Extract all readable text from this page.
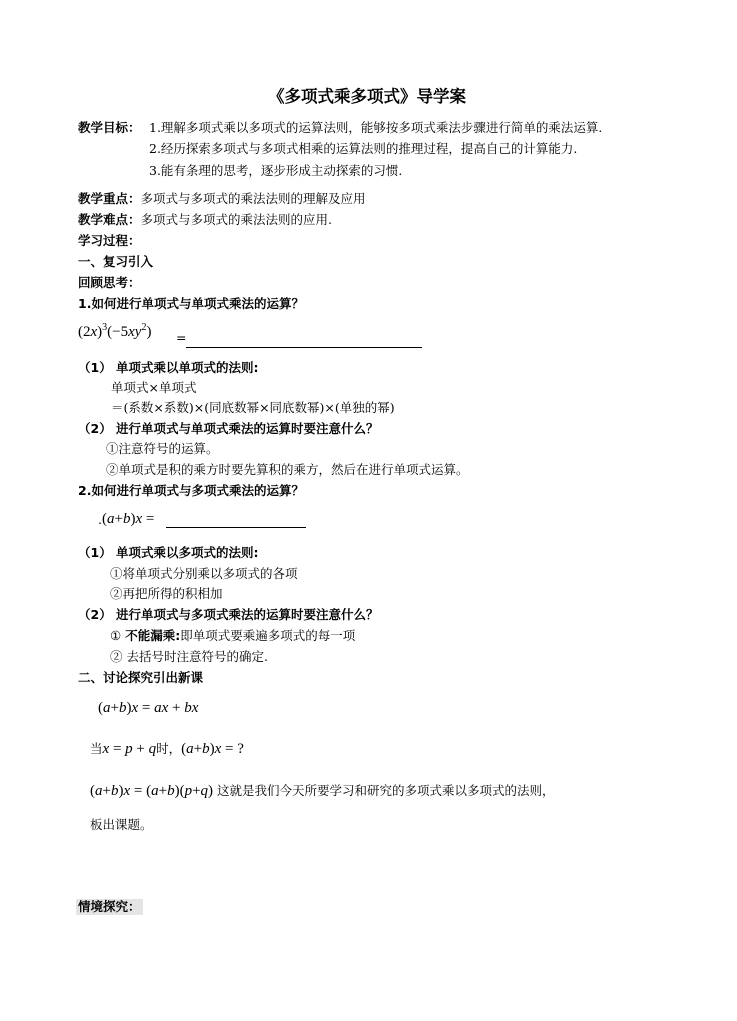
《多项式乘多项式》导学案
教学目标： 1.理解多项式乘以多项式的运算法则，能够按多项式乘法步骤进行简单的乘法运算.
2.经历探索多项式与多项式相乘的运算法则的推理过程，提高自己的计算能力.
3.能有条理的思考，逐步形成主动探索的习惯.
教学重点：多项式与多项式的乘法法则的理解及应用
教学难点：多项式与多项式的乘法法则的应用.
学习过程：
一、复习引入
回顾思考：
1.如何进行单项式与单项式乘法的运算？
$(2x)^3(-5xy^2)$ =
（1） 单项式乘以单项式的法则:
单项式×单项式
＝(系数×系数)×(同底数幂×同底数幂)×(单独的幂)
（2） 进行单项式与单项式乘法的运算时要注意什么？
①注意符号的运算。
②单项式是积的乘方时要先算积的乘方，然后在进行单项式运算。
2.如何进行单项式与多项式乘法的运算？
. (a+b)x =
（1） 单项式乘以多项式的法则:
①将单项式分别乘以多项式的各项
②再把所得的积相加
（2） 进行单项式与多项式乘法的运算时要注意什么？
① 不能漏乘:即单项式要乘遍多项式的每一项
② 去括号时注意符号的确定.
二、讨论探究引出新课
(a+b)x = ax + bx
当x = p + q时，(a+b)x = ?
(a+b)x = (a+b)(p+q) 这就是我们今天所要学习和研究的多项式乘以多项式的法则，
板出课题。
情境探究：
